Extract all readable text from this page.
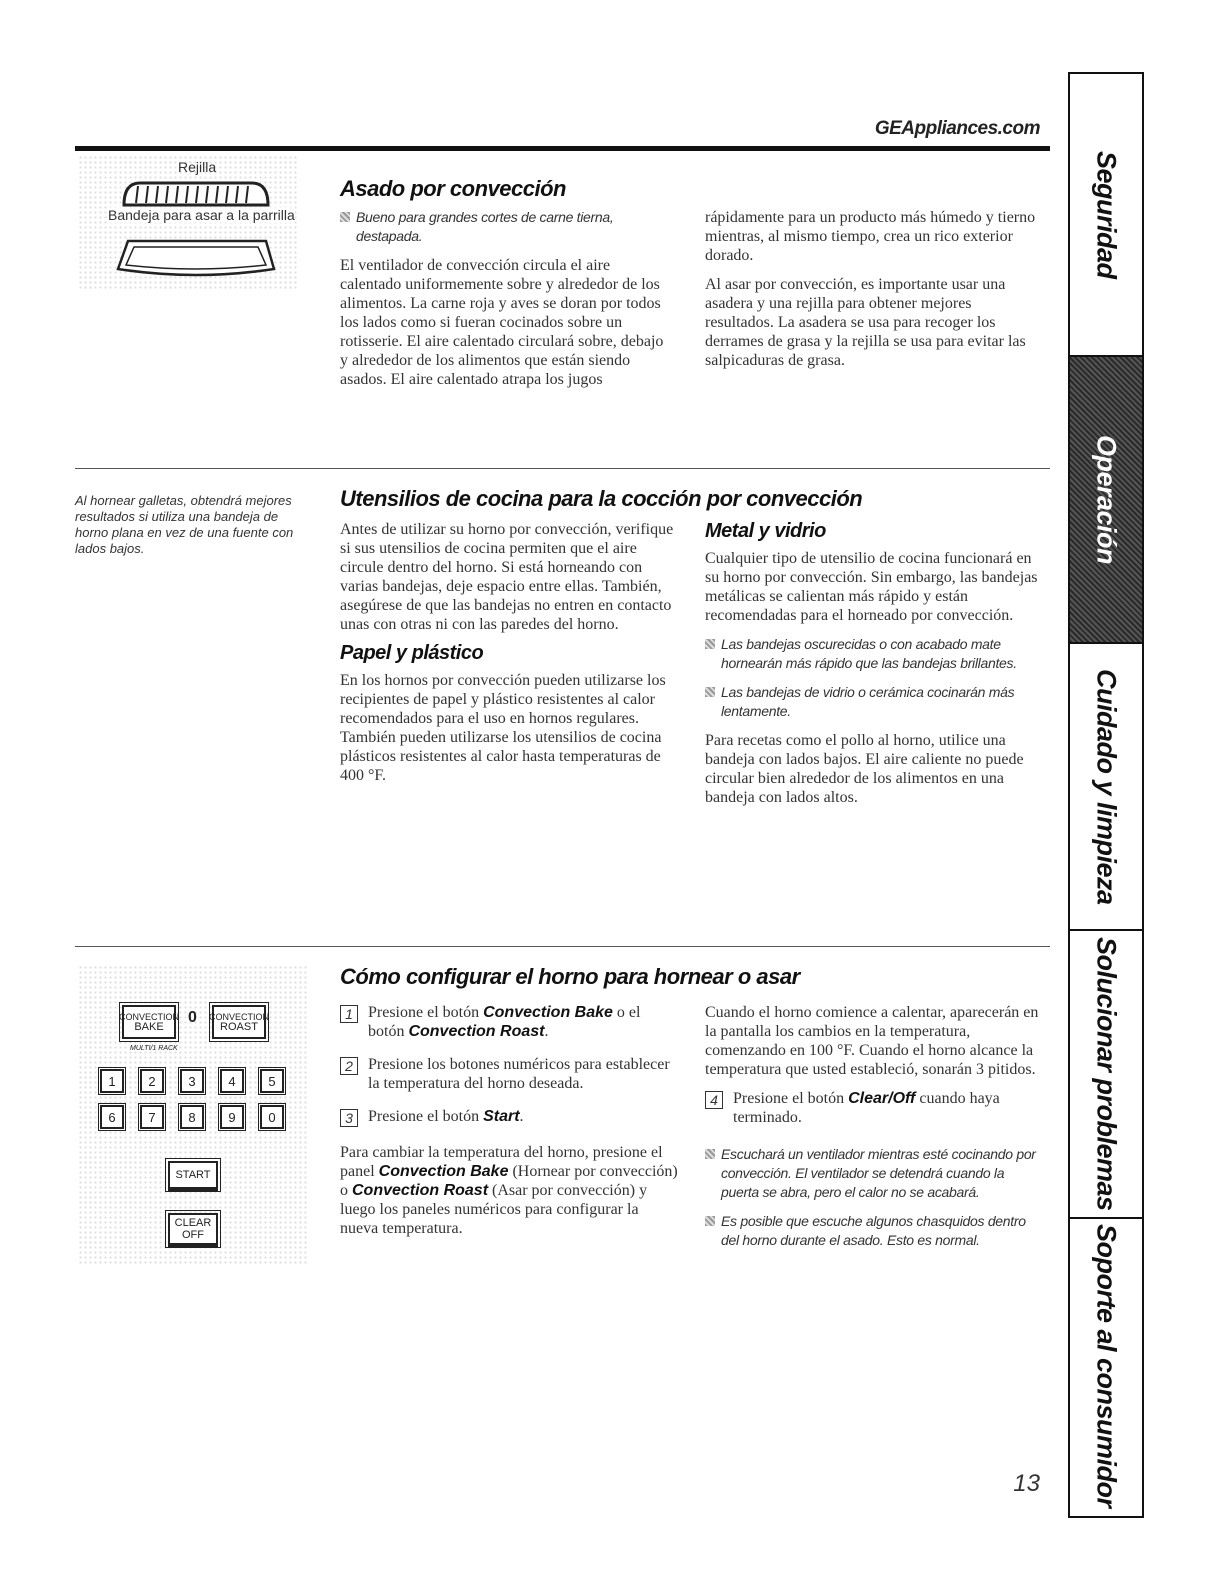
GEAppliances.com
Rejilla
Bandeja para asar a la parrilla
Asado por convección
Bueno para grandes cortes de carne tierna, destapada.

El ventilador de convección circula el aire calentado uniformemente sobre y alrededor de los alimentos. La carne roja y aves se doran por todos los lados como si fueran cocinados sobre un rotisserie. El aire calentado circulará sobre, debajo y alrededor de los alimentos que están siendo asados. El aire calentado atrapa los jugos

rápidamente para un producto más húmedo y tierno mientras, al mismo tiempo, crea un rico exterior dorado.

Al asar por convección, es importante usar una asadera y una rejilla para obtener mejores resultados. La asadera se usa para recoger los derrames de grasa y la rejilla se usa para evitar las salpicaduras de grasa.

Al hornear galletas, obtendrá mejores resultados si utiliza una bandeja de horno plana en vez de una fuente con lados bajos.
Utensilios de cocina para la cocción por convección

Antes de utilizar su horno por convección, verifique si sus utensilios de cocina permiten que el aire circule dentro del horno. Si está horneando con varias bandejas, deje espacio entre ellas. También, asegúrese de que las bandejas no entren en contacto unas con otras ni con las paredes del horno.

Papel y plástico

En los hornos por convección pueden utilizarse los recipientes de papel y plástico resistentes al calor recomendados para el uso en hornos regulares. También pueden utilizarse los utensilios de cocina plásticos resistentes al calor hasta temperaturas de 400 °F.

Metal y vidrio

Cualquier tipo de utensilio de cocina funcionará en su horno por convección. Sin embargo, las bandejas metálicas se calientan más rápido y están recomendadas para el horneado por convección.

Las bandejas oscurecidas o con acabado mate hornearán más rápido que las bandejas brillantes.
Las bandejas de vidrio o cerámica cocinarán más lentamente.

Para recetas como el pollo al horno, utilice una bandeja con lados bajos. El aire caliente no puede circular bien alrededor de los alimentos en una bandeja con lados altos.

CONVECTION
BAKE
0 CONVECTION
ROAST
MULTI/1 RACK
1	2	3	4	5
6	7	8	9	0
START
CLEAR
OFF
Cómo configurar el horno para hornear o asar
1 Presione el botón Convection Bake o el botón Convection Roast.
2 Presione los botones numéricos para establecer la temperatura del horno deseada.
3 Presione el botón Start.

Para cambiar la temperatura del horno, presione el panel Convection Bake (Hornear por convección) o Convection Roast (Asar por convección) y luego los paneles numéricos para configurar la nueva temperatura.

Cuando el horno comience a calentar, aparecerán en la pantalla los cambios en la temperatura, comenzando en 100 °F. Cuando el horno alcance la temperatura que usted estableció, sonarán 3 pitidos.

4 Presione el botón Clear/Off cuando haya terminado.
Escuchará un ventilador mientras esté cocinando por convección. El ventilador se detendrá cuando la puerta se abra, pero el calor no se acabará.
Es posible que escuche algunos chasquidos dentro del horno durante el asado. Esto es normal.
13
Seguridad
Operación
Cuidado y limpieza
Solucionar problemas
Soporte al consumidor
